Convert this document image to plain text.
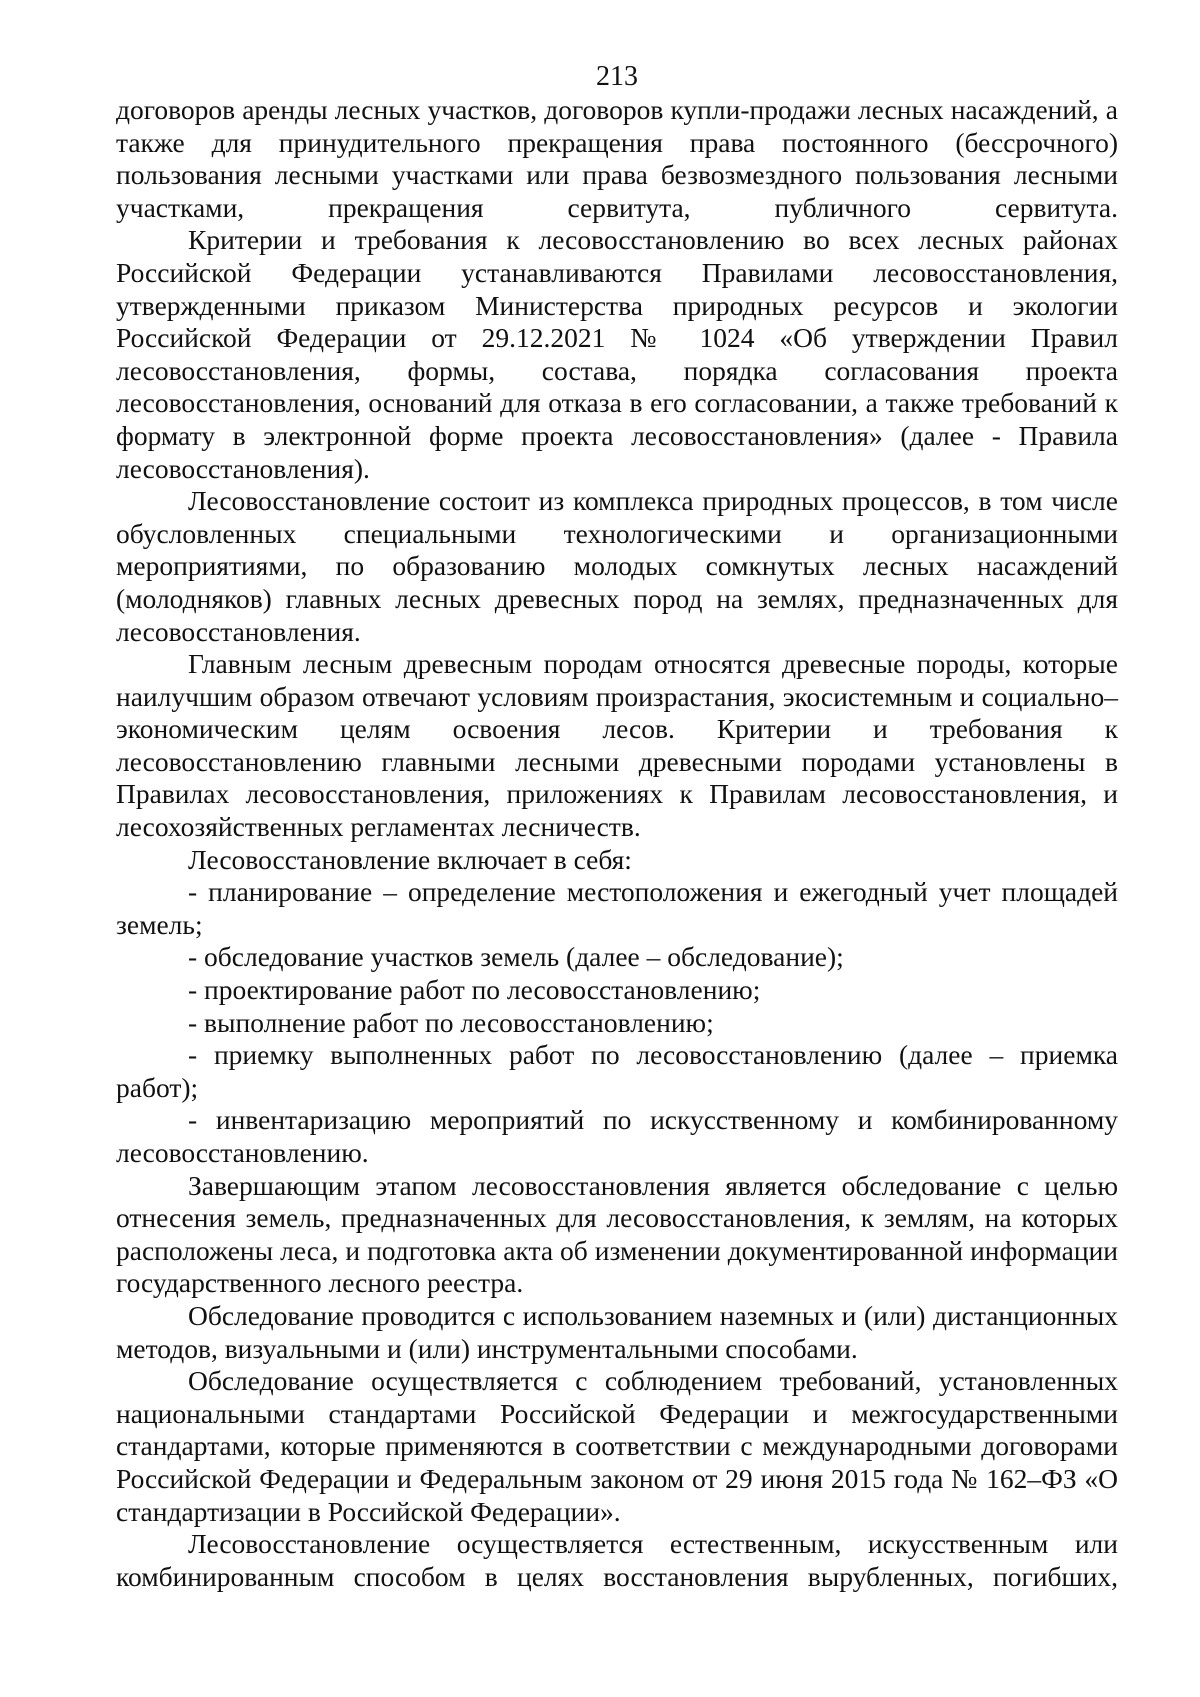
213

договоров аренды лесных участков, договоров купли-продажи лесных насаждений, а также для принудительного прекращения права постоянного (бессрочного) пользования лесными участками или права безвозмездного пользования лесными участками, прекращения сервитута, публичного сервитута.

Критерии и требования к лесовосстановлению во всех лесных районах Российской Федерации устанавливаются Правилами лесовосстановления, утвержденными приказом Министерства природных ресурсов и экологии Российской Федерации от 29.12.2021 № 1024 «Об утверждении Правил лесовосстановления, формы, состава, порядка согласования проекта лесовосстановления, оснований для отказа в его согласовании, а также требований к формату в электронной форме проекта лесовосстановления» (далее - Правила лесовосстановления).

Лесовосстановление состоит из комплекса природных процессов, в том числе обусловленных специальными технологическими и организационными мероприятиями, по образованию молодых сомкнутых лесных насаждений (молодняков) главных лесных древесных пород на землях, предназначенных для лесовосстановления.

Главным лесным древесным породам относятся древесные породы, которые наилучшим образом отвечают условиям произрастания, экосистемным и социально–экономическим целям освоения лесов. Критерии и требования к лесовосстановлению главными лесными древесными породами установлены в Правилах лесовосстановления, приложениях к Правилам лесовосстановления, и лесохозяйственных регламентах лесничеств.

Лесовосстановление включает в себя:

- планирование – определение местоположения и ежегодный учет площадей земель;

- обследование участков земель (далее – обследование);

- проектирование работ по лесовосстановлению;

- выполнение работ по лесовосстановлению;

- приемку выполненных работ по лесовосстановлению (далее – приемка работ);

- инвентаризацию мероприятий по искусственному и комбинированному лесовосстановлению.

Завершающим этапом лесовосстановления является обследование с целью отнесения земель, предназначенных для лесовосстановления, к землям, на которых расположены леса, и подготовка акта об изменении документированной информации государственного лесного реестра.

Обследование проводится с использованием наземных и (или) дистанционных методов, визуальными и (или) инструментальными способами.

Обследование осуществляется с соблюдением требований, установленных национальными стандартами Российской Федерации и межгосударственными стандартами, которые применяются в соответствии с международными договорами Российской Федерации и Федеральным законом от 29 июня 2015 года № 162–ФЗ «О стандартизации в Российской Федерации».

Лесовосстановление осуществляется естественным, искусственным или комбинированным способом в целях восстановления вырубленных, погибших,
